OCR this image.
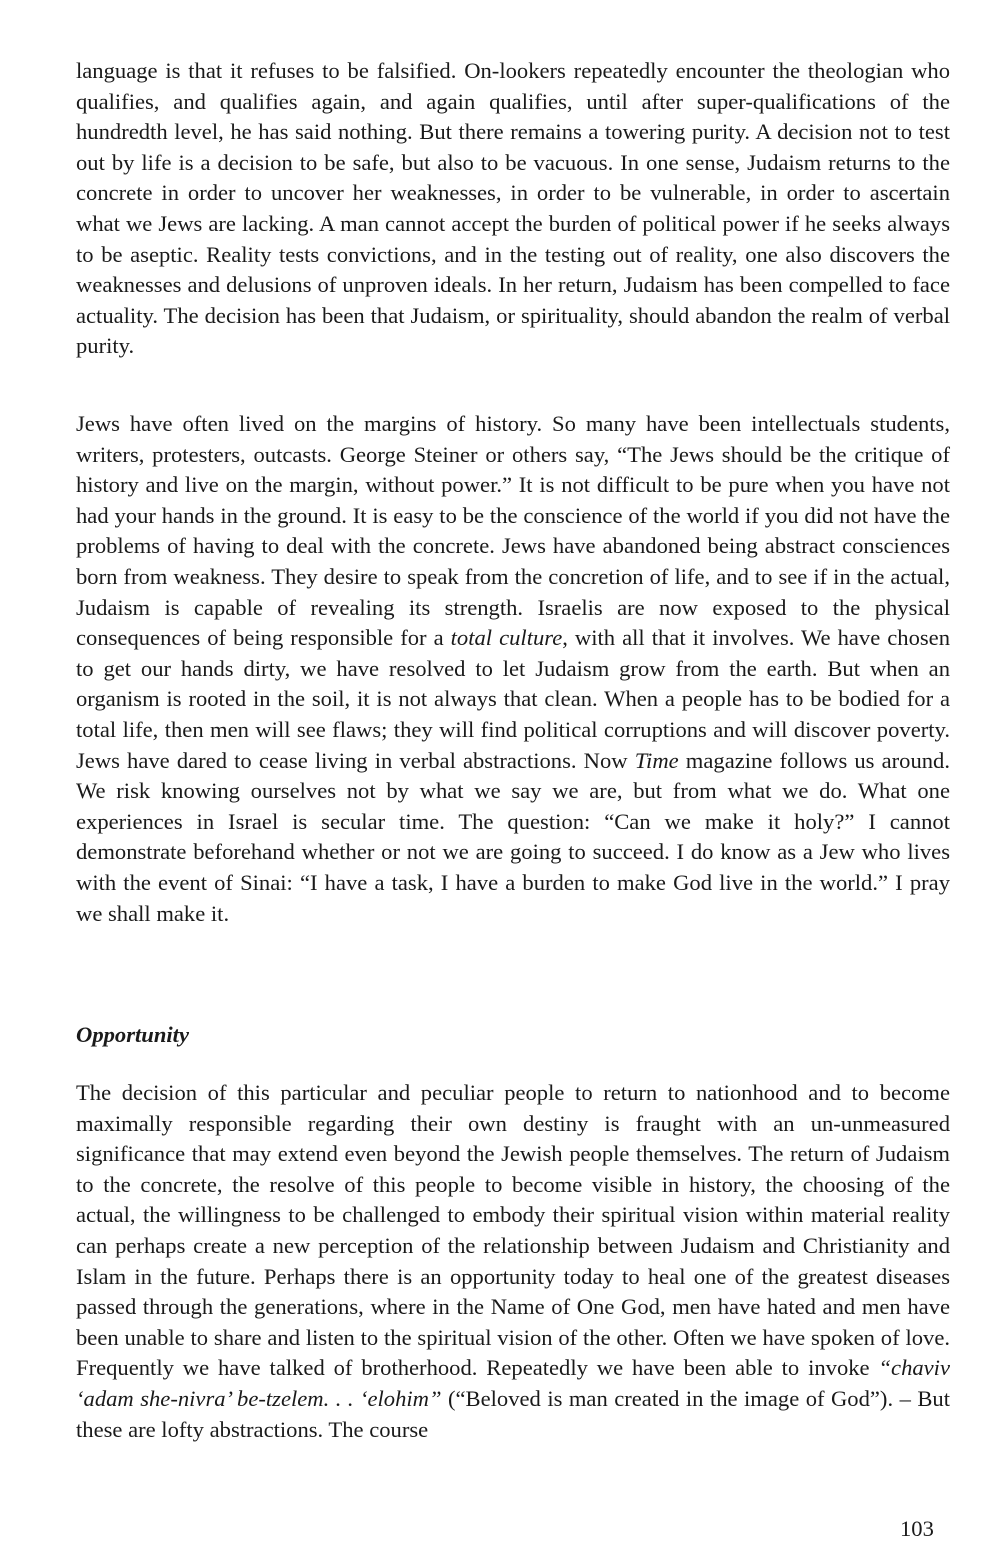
language is that it refuses to be falsified. On-lookers repeatedly encounter the theologian who qualifies, and qualifies again, and again qualifies, until after super-qualifications of the hundredth level, he has said nothing. But there remains a towering purity. A decision not to test out by life is a decision to be safe, but also to be vacuous. In one sense, Judaism returns to the concrete in order to uncover her weaknesses, in order to be vulnerable, in order to ascertain what we Jews are lacking. A man cannot accept the burden of political power if he seeks always to be aseptic. Reality tests convictions, and in the testing out of reality, one also discovers the weaknesses and delusions of unproven ideals. In her return, Judaism has been compelled to face actuality. The decision has been that Judaism, or spirituality, should abandon the realm of verbal purity.

Jews have often lived on the margins of history. So many have been intellectuals students, writers, protesters, outcasts. George Steiner or others say, “The Jews should be the critique of history and live on the margin, without power.” It is not difficult to be pure when you have not had your hands in the ground. It is easy to be the conscience of the world if you did not have the problems of having to deal with the concrete. Jews have abandoned being abstract consciences born from weakness. They desire to speak from the concretion of life, and to see if in the actual, Judaism is capable of revealing its strength. Israelis are now exposed to the physical consequences of being responsible for a total culture, with all that it involves. We have chosen to get our hands dirty, we have resolved to let Judaism grow from the earth. But when an organism is rooted in the soil, it is not always that clean. When a people has to be bodied for a total life, then men will see flaws; they will find political corruptions and will discover poverty. Jews have dared to cease living in verbal abstractions. Now Time magazine follows us around. We risk knowing ourselves not by what we say we are, but from what we do. What one experiences in Israel is secular time. The question: “Can we make it holy?” I cannot demonstrate beforehand whether or not we are going to succeed. I do know as a Jew who lives with the event of Sinai: “I have a task, I have a burden to make God live in the world.” I pray we shall make it.

Opportunity

The decision of this particular and peculiar people to return to nationhood and to become maximally responsible regarding their own destiny is fraught with an un-unmeasured significance that may extend even beyond the Jewish people themselves. The return of Judaism to the concrete, the resolve of this people to become visible in history, the choosing of the actual, the willingness to be challenged to embody their spiritual vision within material reality can perhaps create a new perception of the relationship between Judaism and Christianity and Islam in the future. Perhaps there is an opportunity today to heal one of the greatest diseases passed through the generations, where in the Name of One God, men have hated and men have been unable to share and listen to the spiritual vision of the other. Often we have spoken of love. Frequently we have talked of brotherhood. Repeatedly we have been able to invoke “chaviv ‘adam she-nivra’ be-tzelem. . . ‘elohim” (“Beloved is man created in the image of God”). – But these are lofty abstractions. The course

103
